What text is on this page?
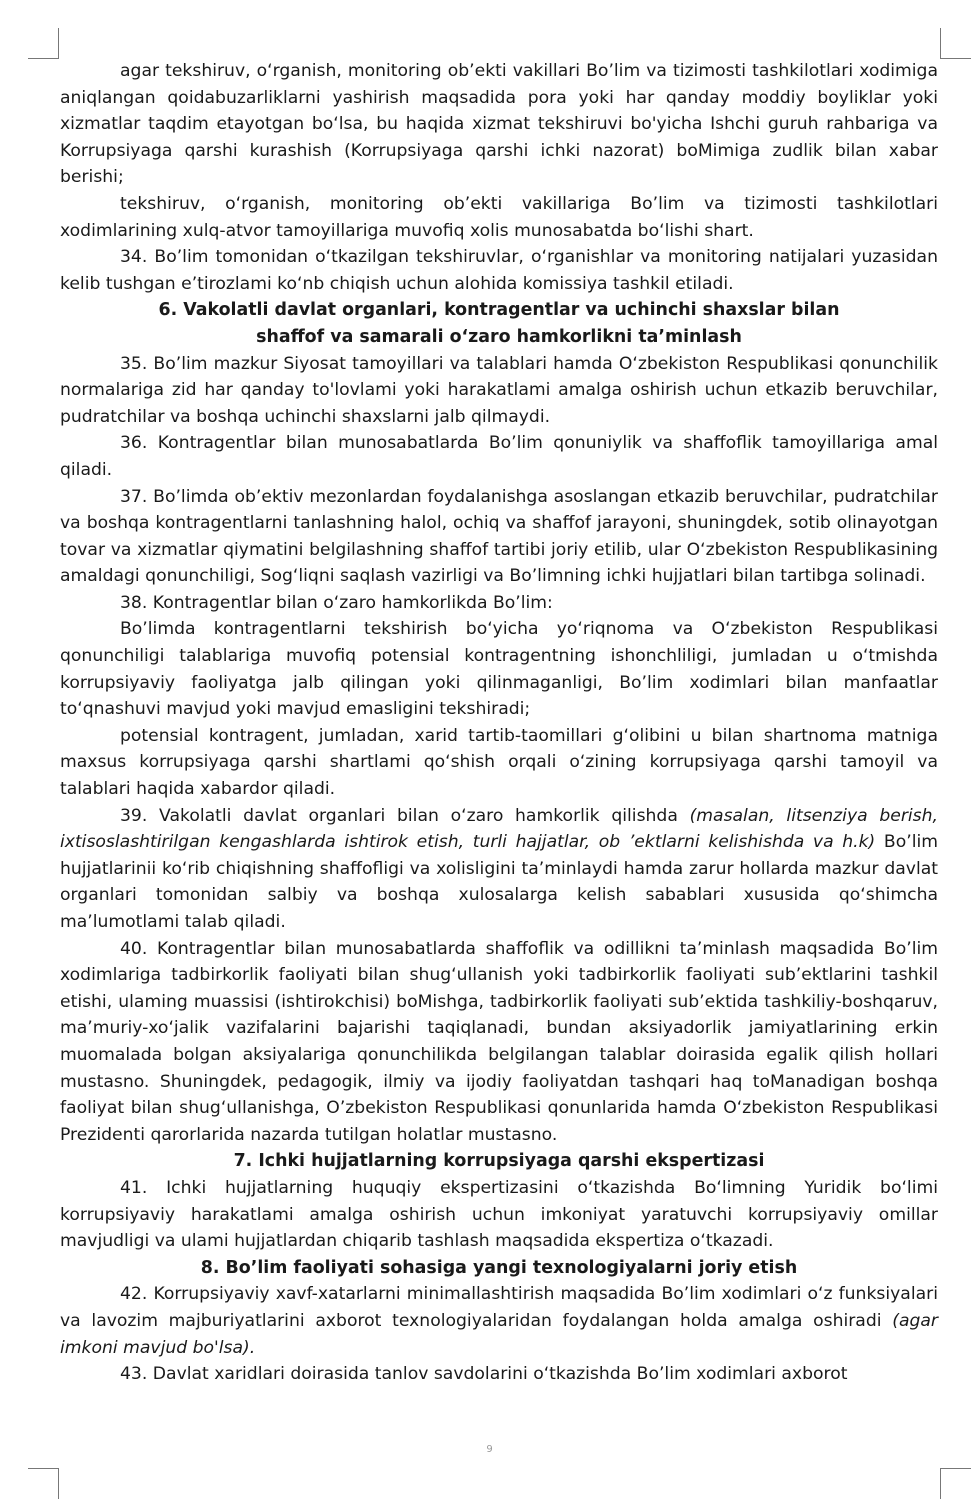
agar tekshiruv, o‘rganish, monitoring ob’ekti vakillari Bo’lim va tizimosti tashkilotlari xodimiga aniqlangan qoidabuzarliklarni yashirish maqsadida pora yoki har qanday moddiy boyliklar yoki xizmatlar taqdim etayotgan bo‘lsa, bu haqida xizmat tekshiruvi bo'yicha Ishchi guruh rahbariga va Korrupsiyaga qarshi kurashish (Korrupsiyaga qarshi ichki nazorat) boMimiga zudlik bilan xabar berishi;

tekshiruv, o‘rganish, monitoring ob’ekti vakillariga Bo’lim va tizimosti tashkilotlari xodimlarining xulq-atvor tamoyillariga muvofiq xolis munosabatda bo‘lishi shart.

34. Bo’lim tomonidan o‘tkazilgan tekshiruvlar, o‘rganishlar va monitoring natijalari yuzasidan kelib tushgan e’tirozlami ko‘nb chiqish uchun alohida komissiya tashkil etiladi.

6. Vakolatli davlat organlari, kontragentlar va uchinchi shaxslar bilan
shaffof va samarali o‘zaro hamkorlikni ta’minlash

35. Bo’lim mazkur Siyosat tamoyillari va talablari hamda O‘zbekiston Respublikasi qonunchilik normalariga zid har qanday to'lovlami yoki harakatlami amalga oshirish uchun etkazib beruvchilar, pudratchilar va boshqa uchinchi shaxslarni jalb qilmaydi.

36. Kontragentlar bilan munosabatlarda Bo’lim qonuniylik va shaffoflik tamoyillariga amal qiladi.

37. Bo’limda ob’ektiv mezonlardan foydalanishga asoslangan etkazib beruvchilar, pudratchilar va boshqa kontragentlarni tanlashning halol, ochiq va shaffof jarayoni, shuningdek, sotib olinayotgan tovar va xizmatlar qiymatini belgilashning shaffof tartibi joriy etilib, ular O‘zbekiston Respublikasining amaldagi qonunchiligi, Sog‘liqni saqlash vazirligi va Bo’limning ichki hujjatlari bilan tartibga solinadi.

38. Kontragentlar bilan o‘zaro hamkorlikda Bo’lim:

Bo’limda kontragentlarni tekshirish bo‘yicha yo‘riqnoma va O‘zbekiston Respublikasi qonunchiligi talablariga muvofiq potensial kontragentning ishonchliligi, jumladan u o‘tmishda korrupsiyaviy faoliyatga jalb qilingan yoki qilinmaganligi, Bo’lim xodimlari bilan manfaatlar to‘qnashuvi mavjud yoki mavjud emasligini tekshiradi;

potensial kontragent, jumladan, xarid tartib-taomillari g‘olibini u bilan shartnoma matniga maxsus korrupsiyaga qarshi shartlami qo‘shish orqali o‘zining korrupsiyaga qarshi tamoyil va talablari haqida xabardor qiladi.

39. Vakolatli davlat organlari bilan o‘zaro hamkorlik qilishda (masalan, litsenziya berish, ixtisoslashtirilgan kengashlarda ishtirok etish, turli hajjatlar, ob ’ektlarni kelishishda va h.k) Bo’lim hujjatlarinii ko‘rib chiqishning shaffofligi va xolisligini ta’minlaydi hamda zarur hollarda mazkur davlat organlari tomonidan salbiy va boshqa xulosalarga kelish sabablari xususida qo‘shimcha ma’lumotlami talab qiladi.

40. Kontragentlar bilan munosabatlarda shaffoflik va odillikni ta’minlash maqsadida Bo’lim xodimlariga tadbirkorlik faoliyati bilan shug‘ullanish yoki tadbirkorlik faoliyati sub’ektlarini tashkil etishi, ulaming muassisi (ishtirokchisi) boMishga, tadbirkorlik faoliyati sub’ektida tashkiliy-boshqaruv, ma’muriy-xo‘jalik vazifalarini bajarishi taqiqlanadi, bundan aksiyadorlik jamiyatlarining erkin muomalada bolgan aksiyalariga qonunchilikda belgilangan talablar doirasida egalik qilish hollari mustasno. Shuningdek, pedagogik, ilmiy va ijodiy faoliyatdan tashqari haq toManadigan boshqa faoliyat bilan shug‘ullanishga, O’zbekiston Respublikasi qonunlarida hamda O‘zbekiston Respublikasi Prezidenti qarorlarida nazarda tutilgan holatlar mustasno.

7. Ichki hujjatlarning korrupsiyaga qarshi ekspertizasi

41. Ichki hujjatlarning huquqiy ekspertizasini o‘tkazishda Bo‘limning Yuridik bo‘limi korrupsiyaviy harakatlami amalga oshirish uchun imkoniyat yaratuvchi korrupsiyaviy omillar mavjudligi va ulami hujjatlardan chiqarib tashlash maqsadida ekspertiza o‘tkazadi.

8. Bo’lim faoliyati sohasiga yangi texnologiyalarni joriy etish

42. Korrupsiyaviy xavf-xatarlarni minimallashtirish maqsadida Bo’lim xodimlari o‘z funksiyalari va lavozim majburiyatlarini axborot texnologiyalaridan foydalangan holda amalga oshiradi (agar imkoni mavjud bo'lsa).

43. Davlat xaridlari doirasida tanlov savdolarini o‘tkazishda Bo’lim xodimlari axborot

9
